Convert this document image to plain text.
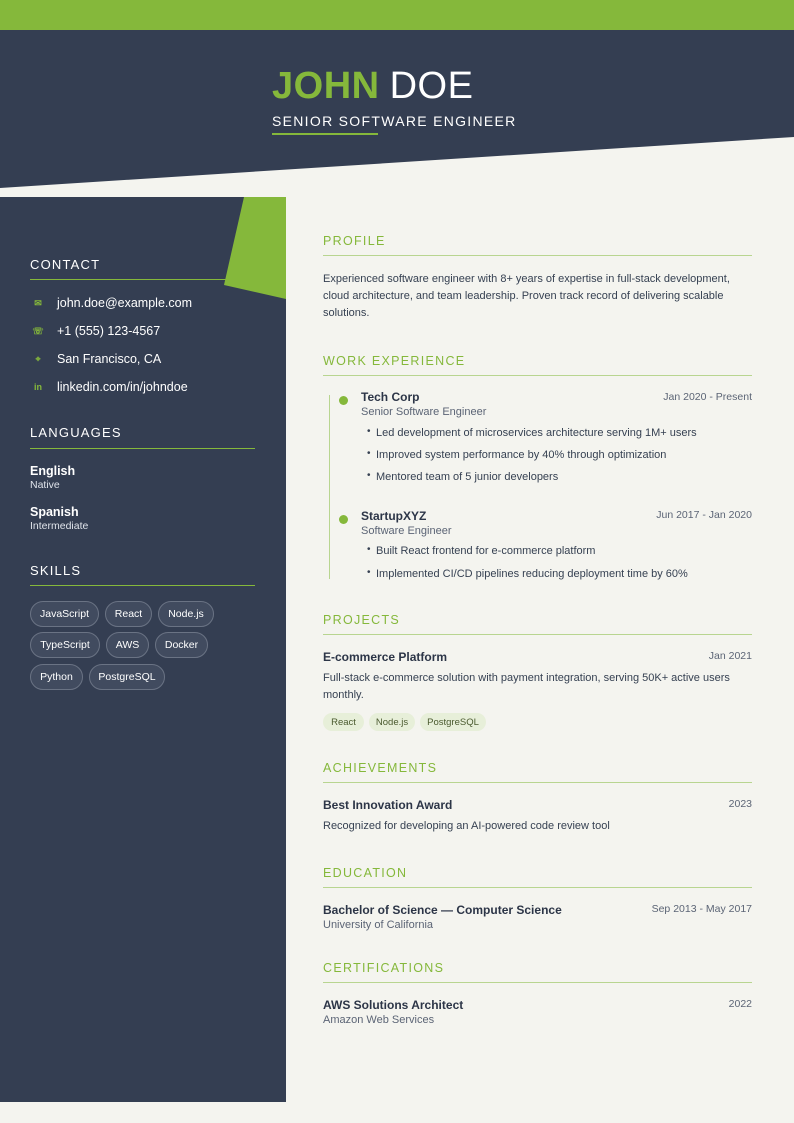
JOHN DOE
SENIOR SOFTWARE ENGINEER
CONTACT
✉	john.doe@example.com
☏ +1 (555) 123-4567
⌖	San Francisco, CA
in	linkedin.com/in/johndoe
LANGUAGES
English
Native
Spanish
Intermediate
SKILLS
JavaScript	React	Node.js
TypeScript	AWS	Docker
Python	PostgreSQL
PROFILE
Experienced software engineer with 8+ years of expertise in full-stack development, cloud architecture, and team leadership. Proven track record of delivering scalable solutions.
WORK EXPERIENCE
Tech Corp	Jan 2020 - Present
Senior Software Engineer
• Led development of microservices architecture serving 1M+ users
• Improved system performance by 40% through optimization
• Mentored team of 5 junior developers
StartupXYZ	Jun 2017 - Jan 2020
Software Engineer
• Built React frontend for e-commerce platform
• Implemented CI/CD pipelines reducing deployment time by 60%
PROJECTS
E-commerce Platform	Jan 2021
Full-stack e-commerce solution with payment integration, serving 50K+ active users monthly.
React	Node.js	PostgreSQL
ACHIEVEMENTS
Best Innovation Award	2023
Recognized for developing an AI-powered code review tool
EDUCATION
Bachelor of Science — Computer Science	Sep 2013 - May 2017
University of California
CERTIFICATIONS
AWS Solutions Architect	2022
Amazon Web Services
